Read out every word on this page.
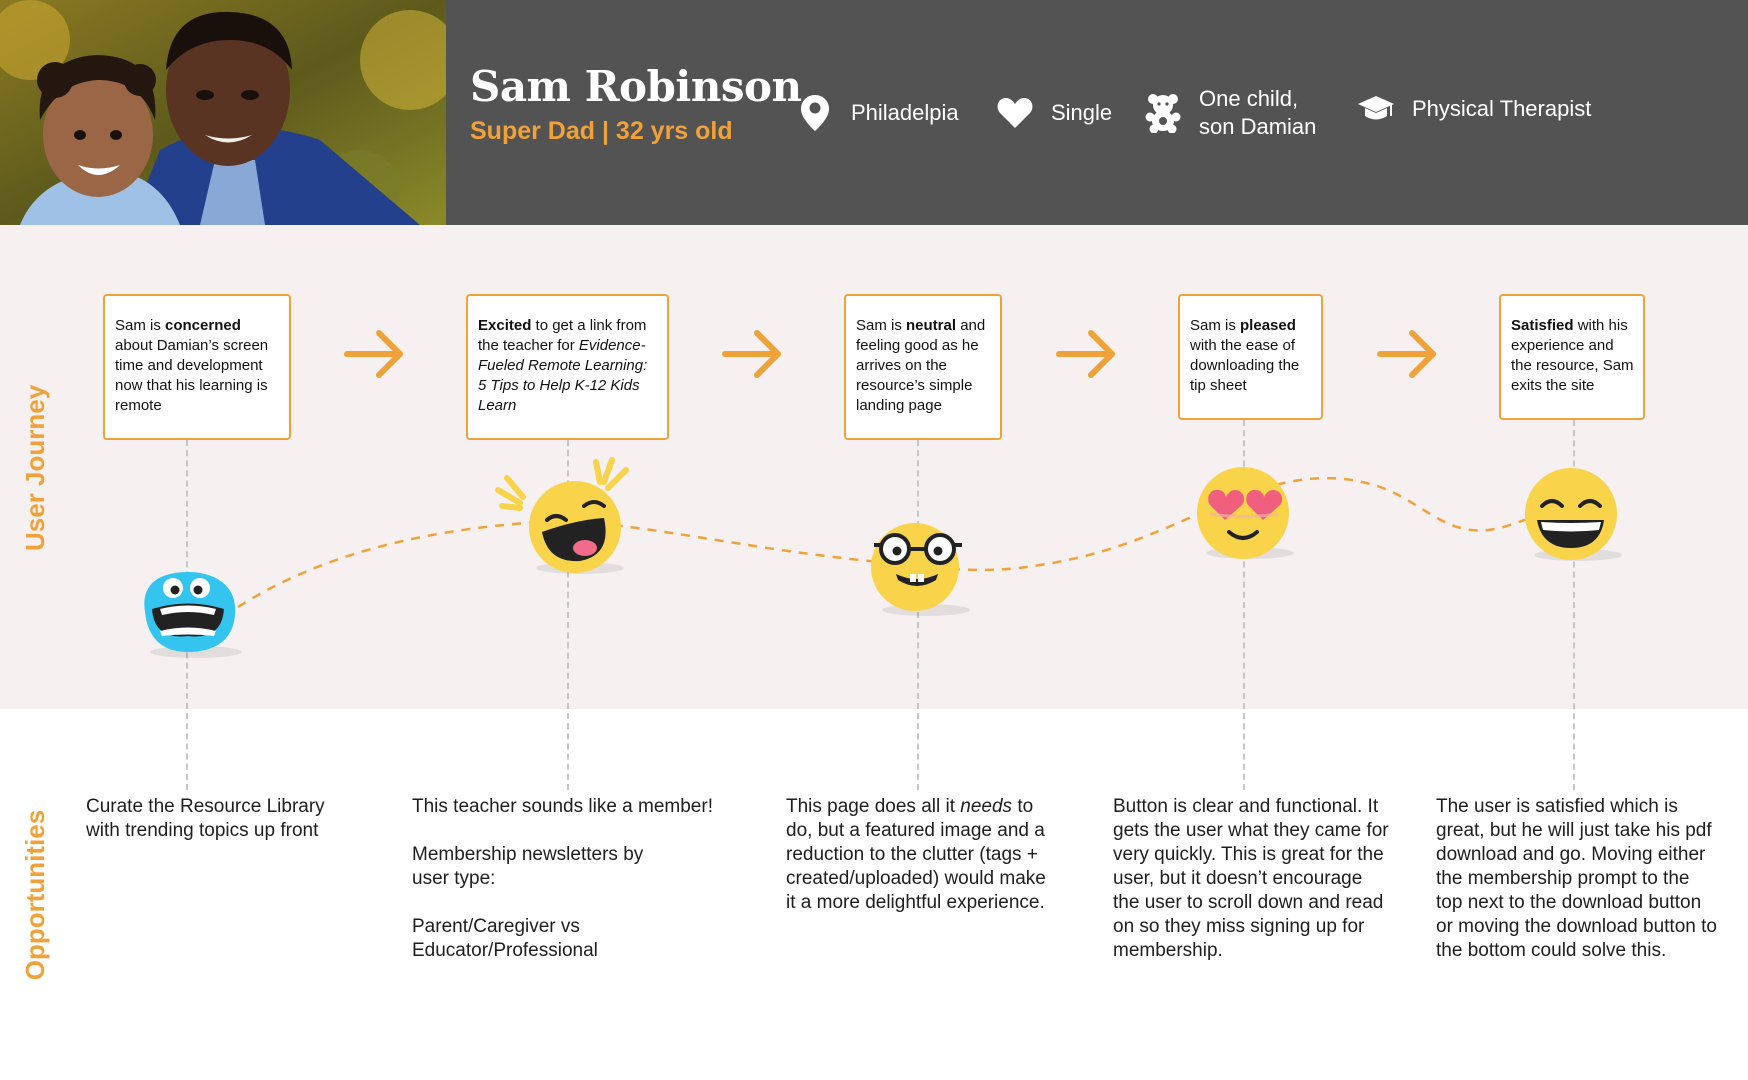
Sam Robinson
Super Dad | 32 yrs old
Philadelpia	Single
One child,
son Damian
Physical Therapist
User Journey
Opportunities
Sam is concerned about Damian’s screen time and development now that his learning is remote
Excited to get a link from the teacher for Evidence-Fueled Remote Learning: 5 Tips to Help K-12 Kids Learn
Sam is neutral and feeling good as he arrives on the resource’s simple landing page
Sam is pleased with the ease of downloading the tip sheet
Satisfied with his experience and the resource, Sam exits the site

Curate the Resource Library with trending topics up front

This teacher sounds like a member!

Membership newsletters by user type:

Parent/Caregiver vs Educator/Professional

This page does all it needs to do, but a featured image and a reduction to the clutter (tags + created/uploaded) would make it a more delightful experience.

Button is clear and functional. It gets the user what they came for very quickly. This is great for the user, but it doesn’t encourage the user to scroll down and read on so they miss signing up for membership.

The user is satisfied which is great, but he will just take his pdf download and go. Moving either the membership prompt to the top next to the download button or moving the download button to the bottom could solve this.
